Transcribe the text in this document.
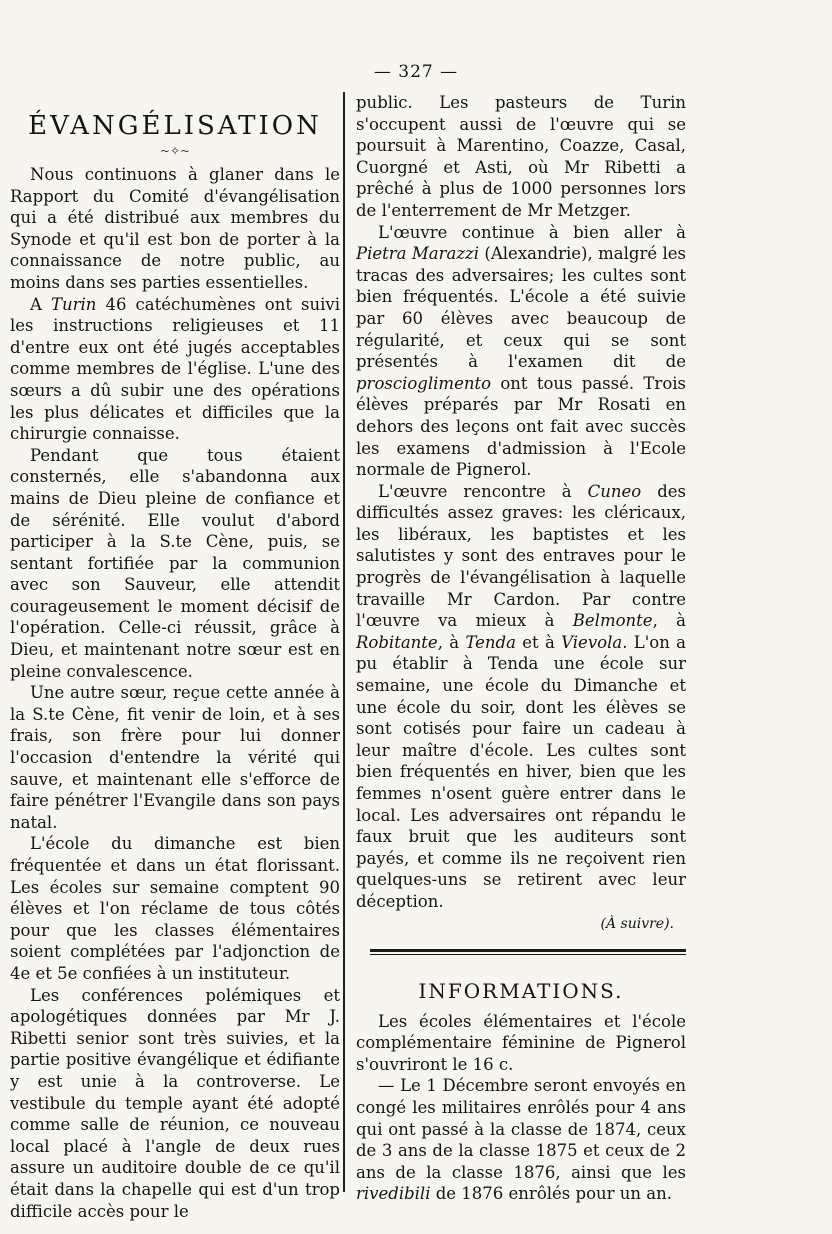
— 327 —
ÉVANGÉLISATION
~✧~

Nous continuons à glaner dans le Rapport du Comité d'évangélisation qui a été distribué aux membres du Synode et qu'il est bon de porter à la connaissance de notre public, au moins dans ses parties essentielles.

A Turin 46 catéchumènes ont suivi les instructions religieuses et 11 d'entre eux ont été jugés acceptables comme membres de l'église. L'une des sœurs a dû subir une des opérations les plus délicates et difficiles que la chirurgie connaisse.

Pendant que tous étaient consternés, elle s'abandonna aux mains de Dieu pleine de confiance et de sérénité. Elle voulut d'abord participer à la S.te Cène, puis, se sentant fortifiée par la communion avec son Sauveur, elle attendit courageusement le moment décisif de l'opération. Celle-ci réussit, grâce à Dieu, et maintenant notre sœur est en pleine convalescence.

Une autre sœur, reçue cette année à la S.te Cène, fit venir de loin, et à ses frais, son frère pour lui donner l'occasion d'entendre la vérité qui sauve, et maintenant elle s'efforce de faire pénétrer l'Evangile dans son pays natal.

L'école du dimanche est bien fréquentée et dans un état florissant. Les écoles sur semaine comptent 90 élèves et l'on réclame de tous côtés pour que les classes élémentaires soient complétées par l'adjonction de 4e et 5e confiées à un instituteur.

Les conférences polémiques et apologétiques données par Mr J. Ribetti senior sont très suivies, et la partie positive évangélique et édifiante y est unie à la controverse. Le vestibule du temple ayant été adopté comme salle de réunion, ce nouveau local placé à l'angle de deux rues assure un auditoire double de ce qu'il était dans la chapelle qui est d'un trop difficile accès pour le

public. Les pasteurs de Turin s'occupent aussi de l'œuvre qui se poursuit à Marentino, Coazze, Casal, Cuorgné et Asti, où Mr Ribetti a prêché à plus de 1000 personnes lors de l'enterrement de Mr Metzger.

L'œuvre continue à bien aller à Pietra Marazzi (Alexandrie), malgré les tracas des adversaires; les cultes sont bien fréquentés. L'école a été suivie par 60 élèves avec beaucoup de régularité, et ceux qui se sont présentés à l'examen dit de proscioglimento ont tous passé. Trois élèves préparés par Mr Rosati en dehors des leçons ont fait avec succès les examens d'admission à l'Ecole normale de Pignerol.

L'œuvre rencontre à Cuneo des difficultés assez graves: les cléricaux, les libéraux, les baptistes et les salutistes y sont des entraves pour le progrès de l'évangélisation à laquelle travaille Mr Cardon. Par contre l'œuvre va mieux à Belmonte, à Robitante, à Tenda et à Vievola. L'on a pu établir à Tenda une école sur semaine, une école du Dimanche et une école du soir, dont les élèves se sont cotisés pour faire un cadeau à leur maître d'école. Les cultes sont bien fréquentés en hiver, bien que les femmes n'osent guère entrer dans le local. Les adversaires ont répandu le faux bruit que les auditeurs sont payés, et comme ils ne reçoivent rien quelques-uns se retirent avec leur déception.

(À suivre).
INFORMATIONS.

Les écoles élémentaires et l'école complémentaire féminine de Pignerol s'ouvriront le 16 c.

— Le 1 Décembre seront envoyés en congé les militaires enrôlés pour 4 ans qui ont passé à la classe de 1874, ceux de 3 ans de la classe 1875 et ceux de 2 ans de la classe 1876, ainsi que les rivedibili de 1876 enrôlés pour un an.
